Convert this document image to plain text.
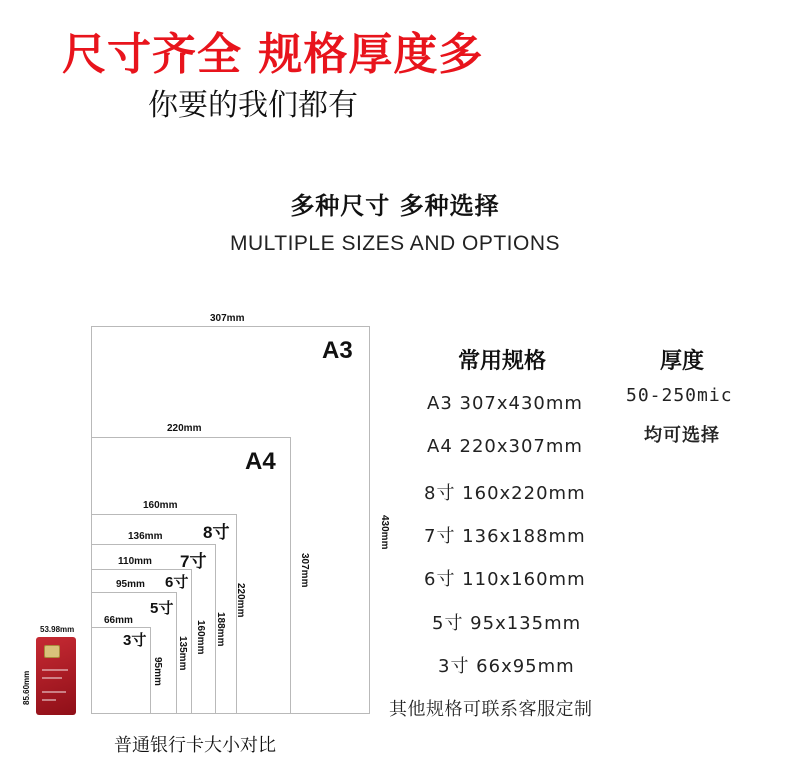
尺寸齐全 规格厚度多
你要的我们都有
多种尺寸 多种选择
MULTIPLE SIZES AND OPTIONS
307mm
A3
430mm
220mm
A4
307mm
160mm
8寸
220mm
136mm
7寸
188mm
110mm
6寸
160mm
95mm
5寸
135mm
66mm
3寸
95mm
53.98mm
85.60mm
普通银行卡大小对比
常用规格
A3 307x430mm
A4 220x307mm
8寸 160x220mm
7寸 136x188mm
6寸 110x160mm
5寸 95x135mm
3寸 66x95mm
其他规格可联系客服定制
厚度
50-250mic
均可选择
